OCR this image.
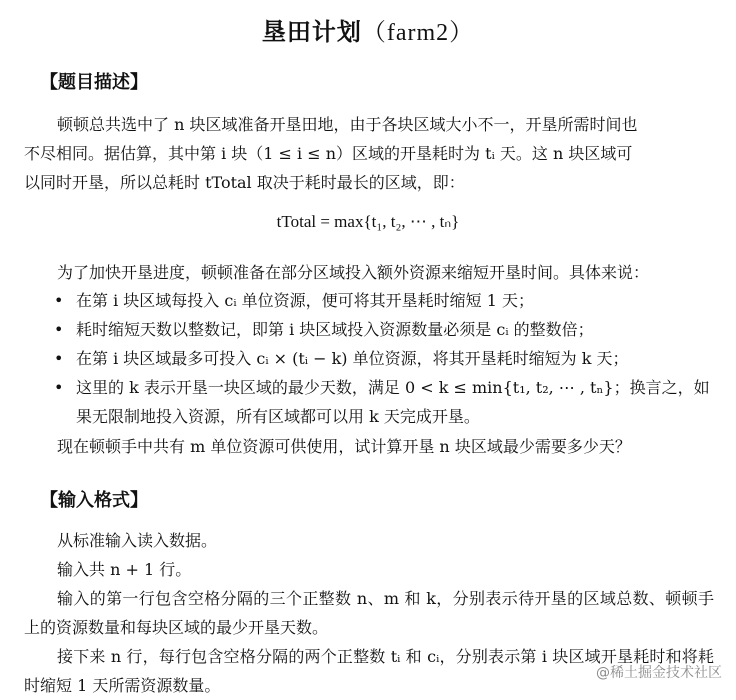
垦田计划（farm2）
【题目描述】
顿顿总共选中了 n 块区域准备开垦田地，由于各块区域大小不一，开垦所需时间也
不尽相同。据估算，其中第 i 块（1 ≤ i ≤ n）区域的开垦耗时为 tᵢ 天。这 n 块区域可
以同时开垦，所以总耗时 tTotal 取决于耗时最长的区域，即：
tTotal = max{t₁, t₂, ⋯ , tₙ}
为了加快开垦进度，顿顿准备在部分区域投入额外资源来缩短开垦时间。具体来说：
• 在第 i 块区域每投入 cᵢ 单位资源，便可将其开垦耗时缩短 1 天；
• 耗时缩短天数以整数记，即第 i 块区域投入资源数量必须是 cᵢ 的整数倍；
• 在第 i 块区域最多可投入 cᵢ × (tᵢ − k) 单位资源，将其开垦耗时缩短为 k 天；
• 这里的 k 表示开垦一块区域的最少天数，满足 0 < k ≤ min{t₁, t₂, ⋯ , tₙ}；换言之，如果无限制地投入资源，所有区域都可以用 k 天完成开垦。
现在顿顿手中共有 m 单位资源可供使用，试计算开垦 n 块区域最少需要多少天？
【输入格式】
从标准输入读入数据。
输入共 n + 1 行。
输入的第一行包含空格分隔的三个正整数 n、m 和 k，分别表示待开垦的区域总数、顿顿手上的资源数量和每块区域的最少开垦天数。
接下来 n 行，每行包含空格分隔的两个正整数 tᵢ 和 cᵢ，分别表示第 i 块区域开垦耗时和将耗时缩短 1 天所需资源数量。
@稀土掘金技术社区
